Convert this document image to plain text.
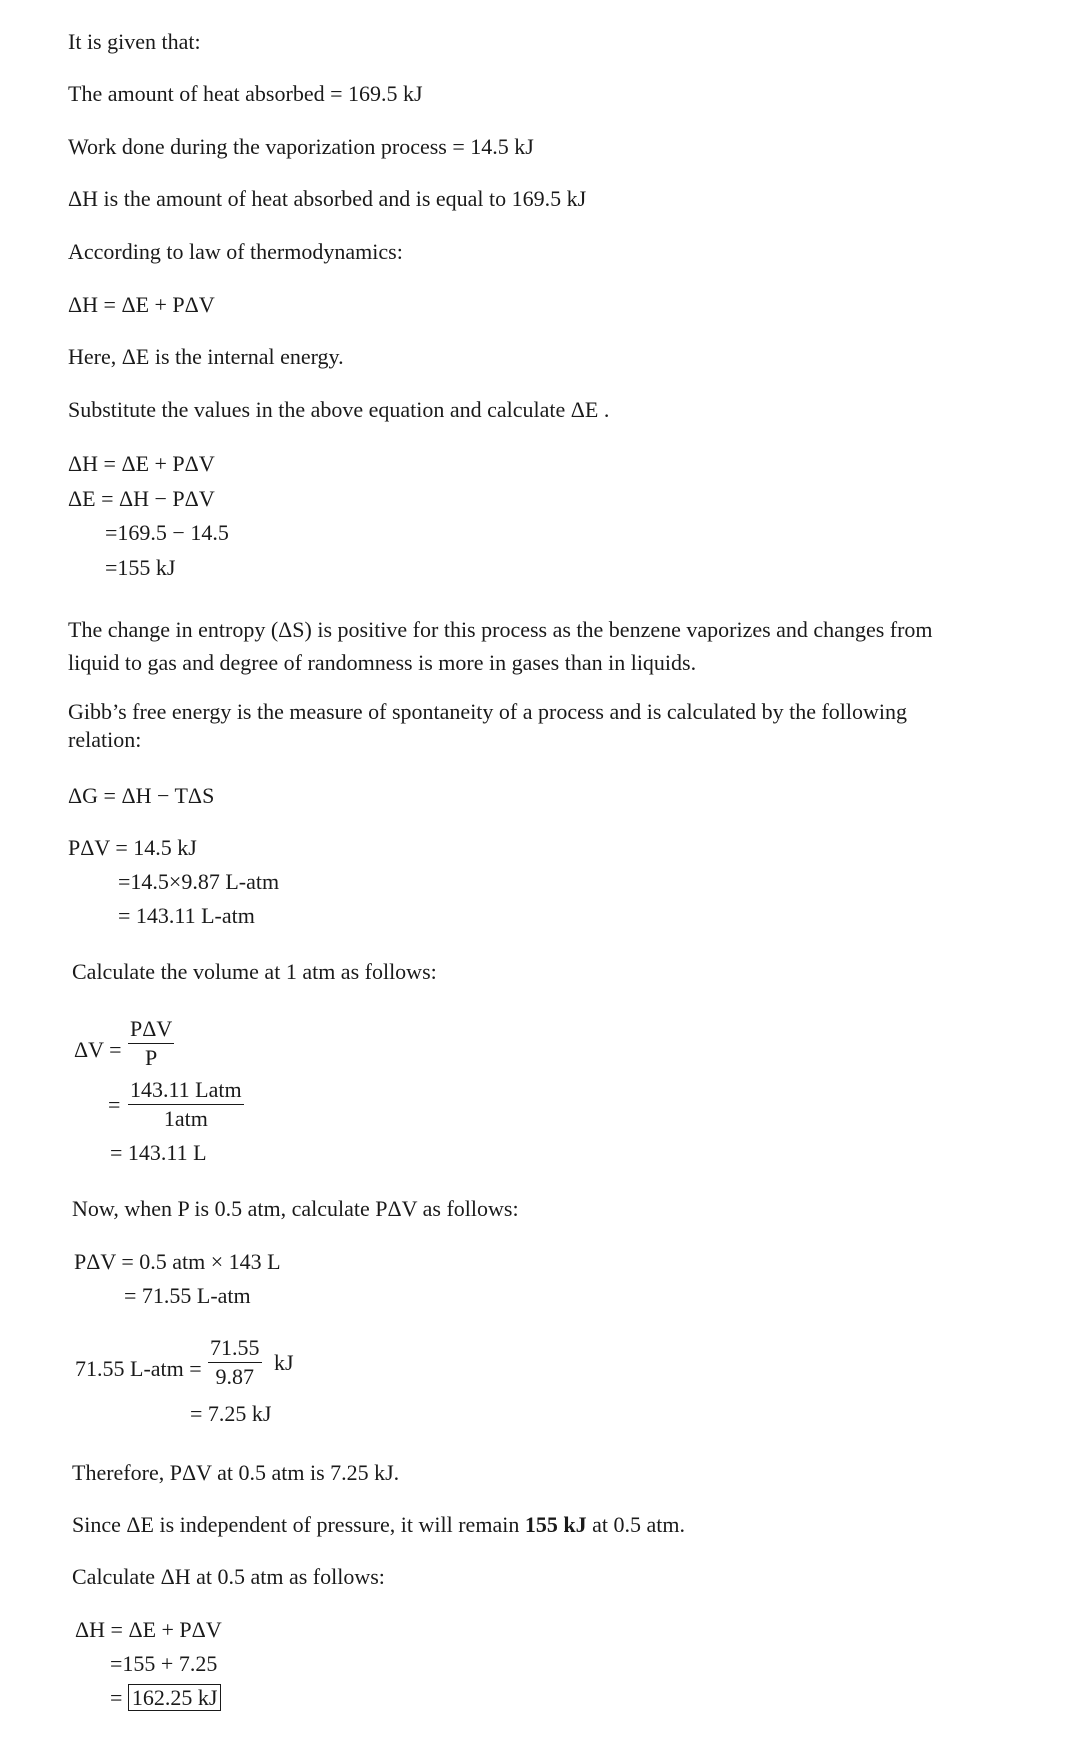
It is given that:
The amount of heat absorbed = 169.5 kJ
Work done during the vaporization process = 14.5 kJ
ΔH is the amount of heat absorbed and is equal to 169.5 kJ
According to law of thermodynamics:
ΔH = ΔE + PΔV
Here, ΔE is the internal energy.
Substitute the values in the above equation and calculate ΔE .
ΔH = ΔE + PΔV
ΔE = ΔH − PΔV
=169.5 − 14.5
=155 kJ
The change in entropy (ΔS) is positive for this process as the benzene vaporizes and changes from liquid to gas and degree of randomness is more in gases than in liquids.
Gibb’s free energy is the measure of spontaneity of a process and is calculated by the following relation:
ΔG = ΔH − TΔS
PΔV = 14.5 kJ
=14.5×9.87 L-atm
= 143.11 L-atm
Calculate the volume at 1 atm as follows:
ΔV =
PΔV
P
=
143.11 Latm
1atm
= 143.11 L
Now, when P is 0.5 atm, calculate PΔV as follows:
PΔV = 0.5 atm × 143 L
= 71.55 L-atm
71.55 L-atm =
71.55
9.87
kJ
= 7.25 kJ
Therefore, PΔV at 0.5 atm is 7.25 kJ.
Since ΔE is independent of pressure, it will remain 155 kJ at 0.5 atm.
Calculate ΔH at 0.5 atm as follows:
ΔH = ΔE + PΔV
=155 + 7.25
= 162.25 kJ
